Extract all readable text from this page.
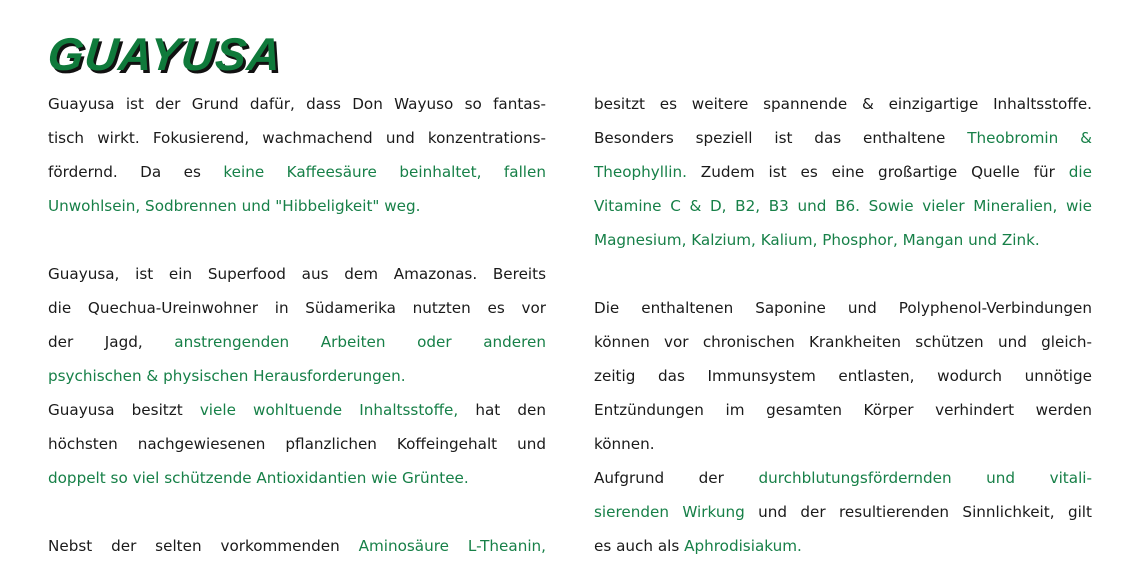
GUAYUSA
Guayusa ist der Grund dafür, dass Don Wayuso so fantas-
tisch wirkt. Fokusierend, wachmachend und konzentrations-
fördernd. Da es keine Kaffeesäure beinhaltet, fallen
Unwohlsein, Sodbrennen und "Hibbeligkeit" weg.
Guayusa, ist ein Superfood aus dem Amazonas. Bereits
die Quechua-Ureinwohner in Südamerika nutzten es vor
der Jagd, anstrengenden Arbeiten oder anderen
psychischen & physischen Herausforderungen.
Guayusa besitzt viele wohltuende Inhaltsstoffe, hat den
höchsten nachgewiesenen pflanzlichen Koffeingehalt und
doppelt so viel schützende Antioxidantien wie Grüntee.
Nebst der selten vorkommenden Aminosäure L-Theanin,
besitzt es weitere spannende & einzigartige Inhaltsstoffe.
Besonders speziell ist das enthaltene Theobromin &
Theophyllin. Zudem ist es eine großartige Quelle für die
Vitamine C & D, B2, B3 und B6. Sowie vieler Mineralien, wie
Magnesium, Kalzium, Kalium, Phosphor, Mangan und Zink.
Die enthaltenen Saponine und Polyphenol-Verbindungen
können vor chronischen Krankheiten schützen und gleich-
zeitig das Immunsystem entlasten, wodurch unnötige
Entzündungen im gesamten Körper verhindert werden
können.
Aufgrund der durchblutungsfördernden und vitali-
sierenden Wirkung und der resultierenden Sinnlichkeit, gilt
es auch als Aphrodisiakum.
